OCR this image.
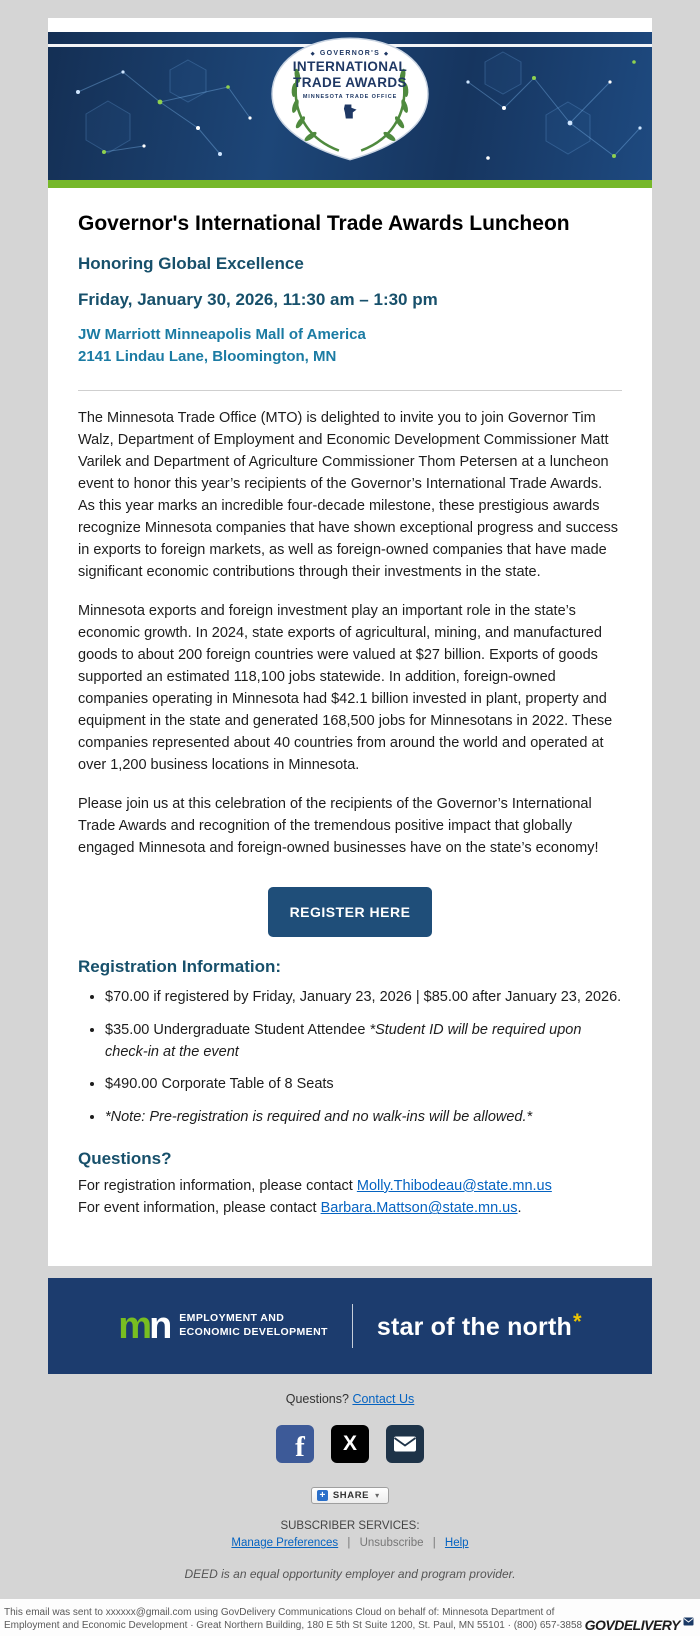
◆ GOVERNOR'S ◆
INTERNATIONAL
TRADE AWARDS
MINNESOTA TRADE OFFICE
Governor's International Trade Awards Luncheon
Honoring Global Excellence
Friday, January 30, 2026, 11:30 am – 1:30 pm
JW Marriott Minneapolis Mall of America
2141 Lindau Lane, Bloomington, MN

The Minnesota Trade Office (MTO) is delighted to invite you to join Governor Tim Walz, Department of Employment and Economic Development Commissioner Matt Varilek and Department of Agriculture Commissioner Thom Petersen at a luncheon event to honor this year’s recipients of the Governor’s International Trade Awards. As this year marks an incredible four-decade milestone, these prestigious awards recognize Minnesota companies that have shown exceptional progress and success in exports to foreign markets, as well as foreign-owned companies that have made significant economic contributions through their investments in the state.

Minnesota exports and foreign investment play an important role in the state’s economic growth. In 2024, state exports of agricultural, mining, and manufactured goods to about 200 foreign countries were valued at $27 billion. Exports of goods supported an estimated 118,100 jobs statewide. In addition, foreign-owned companies operating in Minnesota had $42.1 billion invested in plant, property and equipment in the state and generated 168,500 jobs for Minnesotans in 2022. These companies represented about 40 countries from around the world and operated at over 1,200 business locations in Minnesota.

Please join us at this celebration of the recipients of the Governor’s International Trade Awards and recognition of the tremendous positive impact that globally engaged Minnesota and foreign-owned businesses have on the state’s economy!

REGISTER HERE
Registration Information:
• $70.00 if registered by Friday, January 23, 2026 | $85.00 after January 23, 2026.
• $35.00 Undergraduate Student Attendee *Student ID will be required upon check-in at the event
• $490.00 Corporate Table of 8 Seats
• *Note: Pre-registration is required and no walk-ins will be allowed.*
Questions?
For registration information, please contact Molly.Thibodeau@state.mn.us
For event information, please contact Barbara.Mattson@state.mn.us.
mn EMPLOYMENT AND
ECONOMIC DEVELOPMENT star of the north*
Questions? Contact Us
f X
+ SHARE ▾
SUBSCRIBER SERVICES:
Manage Preferences | Unsubscribe | Help
DEED is an equal opportunity employer and program provider.

This email was sent to xxxxxx@gmail.com using GovDelivery Communications Cloud on behalf of: Minnesota Department of

Employment and Economic Development · Great Northern Building, 180 E 5th St Suite 1200, St. Paul, MN 55101 · (800) 657-3858 GOVDELIVERY
